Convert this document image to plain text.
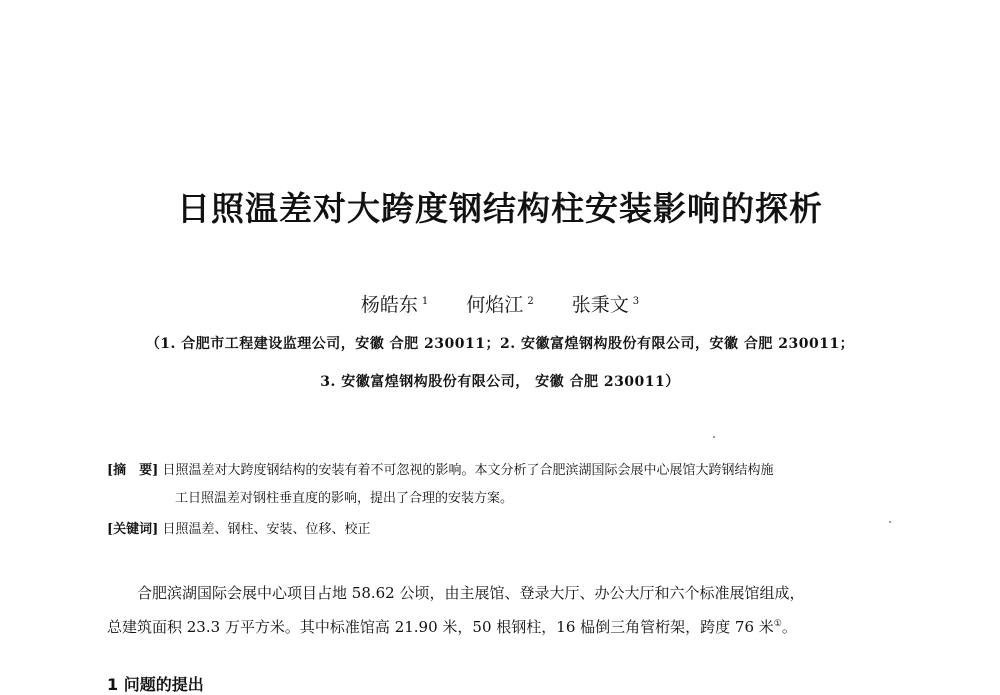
日照温差对大跨度钢结构柱安装影响的探析
杨皓东 $^1$ 何焰江 $^2$ 张秉文 $^3$
（1. 合肥市工程建设监理公司，安徽 合肥 230011；2. 安徽富煌钢构股份有限公司，安徽 合肥 230011；
3. 安徽富煌钢构股份有限公司， 安徽 合肥 230011）
[摘　要] 日照温差对大跨度钢结构的安装有着不可忽视的影响。本文分析了合肥滨湖国际会展中心展馆大跨钢结构施
工日照温差对钢柱垂直度的影响，提出了合理的安装方案。
[关键词] 日照温差、钢柱、安装、位移、校正
合肥滨湖国际会展中心项目占地 58.62 公顷，由主展馆、登录大厅、办公大厅和六个标准展馆组成，
总建筑面积 23.3 万平方米。其中标准馆高 21.90 米，50 根钢柱，16 榀倒三角管桁架，跨度 76 米①。
1 问题的提出
